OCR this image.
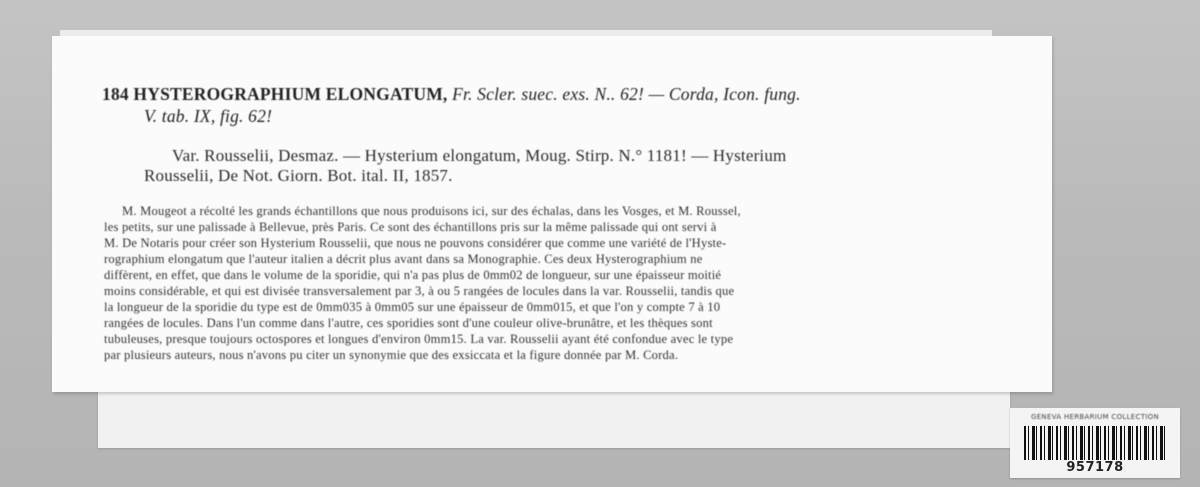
184 HYSTEROGRAPHIUM ELONGATUM, Fr. Scler. suec. exs. N.. 62! — Corda, Icon. fung.
V. tab. IX, fig. 62!
Var. Rousselii, Desmaz. — Hysterium elongatum, Moug. Stirp. N.° 1181! — Hysterium
Rousselii, De Not. Giorn. Bot. ital. II, 1857.
M. Mougeot a récolté les grands échantillons que nous produisons ici, sur des échalas, dans les Vosges, et M. Roussel,
les petits, sur une palissade à Bellevue, près Paris. Ce sont des échantillons pris sur la même palissade qui ont servi à
M. De Notaris pour créer son Hysterium Rousselii, que nous ne pouvons considérer que comme une variété de l'Hyste-
rographium elongatum que l'auteur italien a décrit plus avant dans sa Monographie. Ces deux Hysterographium ne
diffèrent, en effet, que dans le volume de la sporidie, qui n'a pas plus de 0mm02 de longueur, sur une épaisseur moitié
moins considérable, et qui est divisée transversalement par 3, à ou 5 rangées de locules dans la var. Rousselii, tandis que
la longueur de la sporidie du type est de 0mm035 à 0mm05 sur une épaisseur de 0mm015, et que l'on y compte 7 à 10
rangées de locules. Dans l'un comme dans l'autre, ces sporidies sont d'une couleur olive-brunâtre, et les thèques sont
tubuleuses, presque toujours octospores et longues d'environ 0mm15. La var. Rousselii ayant été confondue avec le type
par plusieurs auteurs, nous n'avons pu citer un synonymie que des exsiccata et la figure donnée par M. Corda.
GENEVA HERBARIUM COLLECTION
957178
